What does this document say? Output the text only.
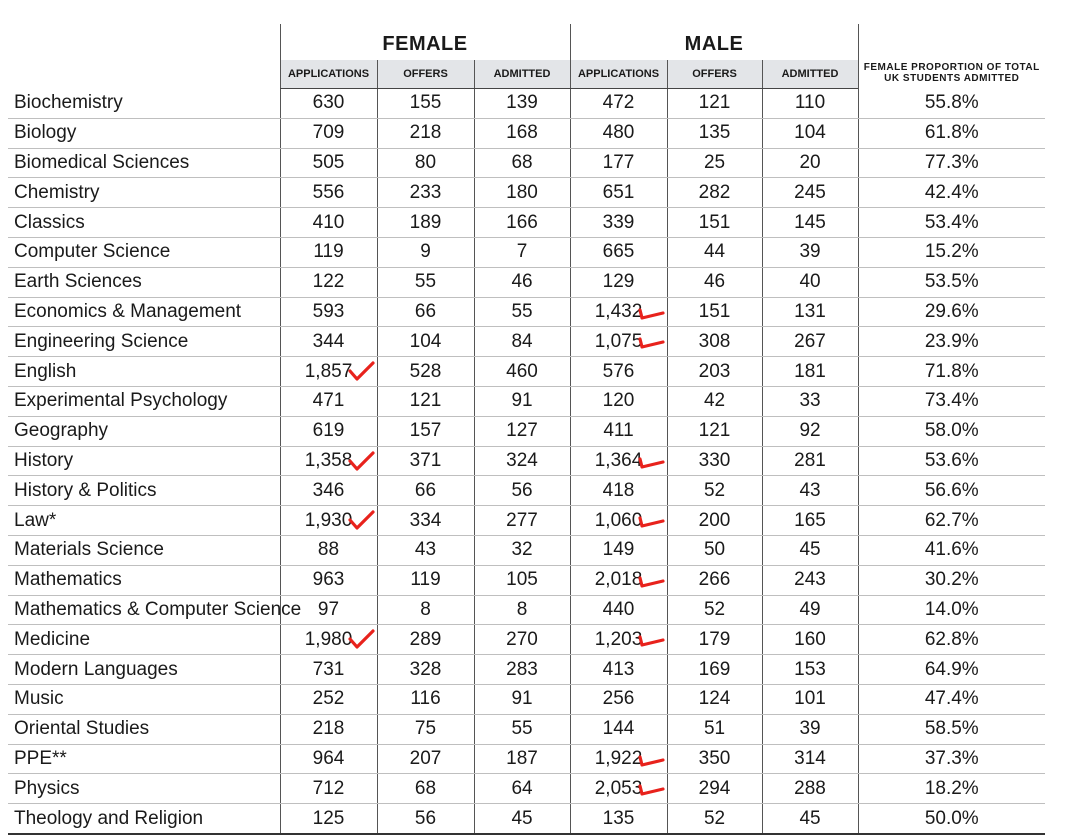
	FEMALE			MALE			FEMALE PROPORTION OF TOTAL UK STUDENTS ADMITTED
	APPLICATIONS	OFFERS	ADMITTED	APPLICATIONS	OFFERS	ADMITTED	
Biochemistry	630	155	139	472	121	110	55.8%
Biology	709	218	168	480	135	104	61.8%
Biomedical Sciences	505	80	68	177	25	20	77.3%
Chemistry	556	233	180	651	282	245	42.4%
Classics	410	189	166	339	151	145	53.4%
Computer Science	119	9	7	665	44	39	15.2%
Earth Sciences	122	55	46	129	46	40	53.5%
Economics & Management	593	66	55	1,432	151	131	29.6%
Engineering Science	344	104	84	1,075	308	267	23.9%
English	1,857	528	460	576	203	181	71.8%
Experimental Psychology	471	121	91	120	42	33	73.4%
Geography	619	157	127	411	121	92	58.0%
History	1,358	371	324	1,364	330	281	53.6%
History & Politics	346	66	56	418	52	43	56.6%
Law*	1,930	334	277	1,060	200	165	62.7%
Materials Science	88	43	32	149	50	45	41.6%
Mathematics	963	119	105	2,018	266	243	30.2%
Mathematics & Computer Science	97	8	8	440	52	49	14.0%
Medicine	1,980	289	270	1,203	179	160	62.8%
Modern Languages	731	328	283	413	169	153	64.9%
Music	252	116	91	256	124	101	47.4%
Oriental Studies	218	75	55	144	51	39	58.5%
PPE**	964	207	187	1,922	350	314	37.3%
Physics	712	68	64	2,053	294	288	18.2%
Theology and Religion	125	56	45	135	52	45	50.0%
